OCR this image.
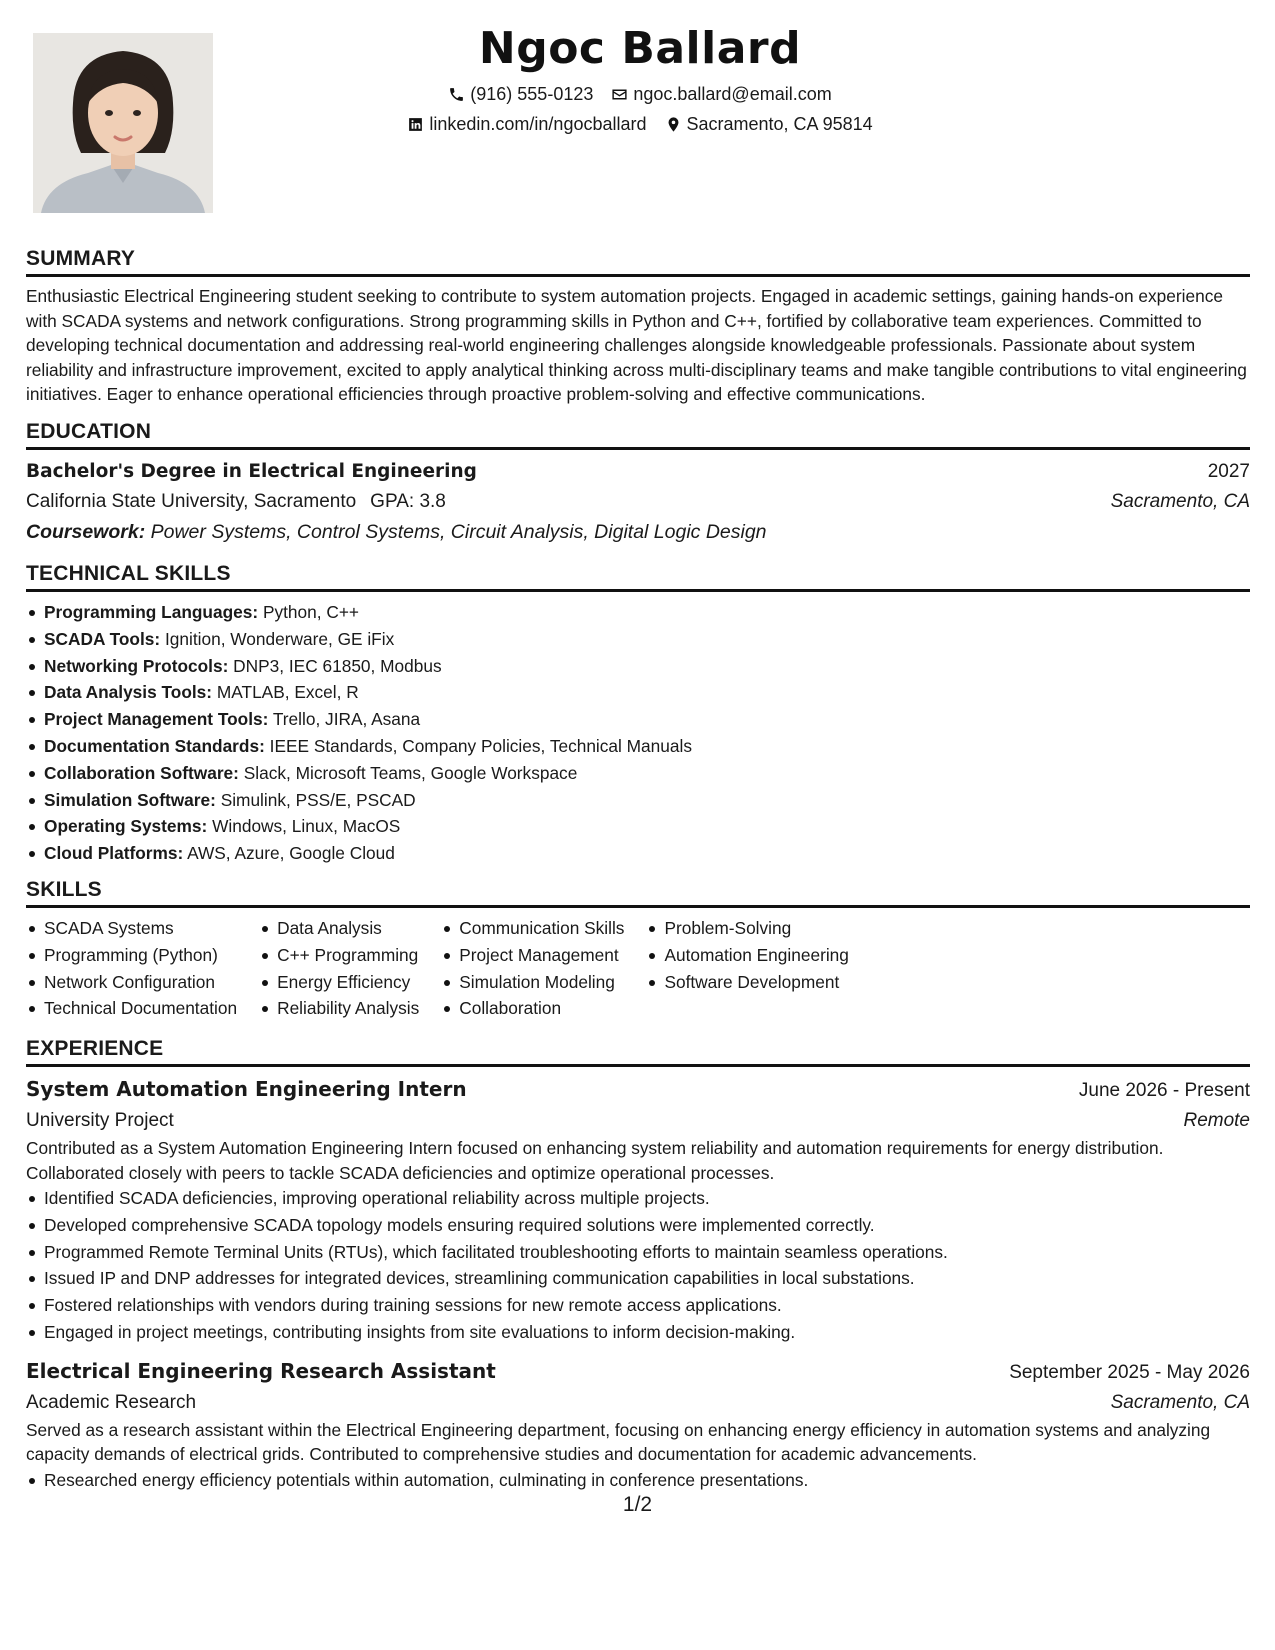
Ngoc Ballard
(916) 555-0123 ngoc.ballard@email.com
linkedin.com/in/ngocballard Sacramento, CA 95814
SUMMARY

Enthusiastic Electrical Engineering student seeking to contribute to system automation projects. Engaged in academic settings, gaining hands-on experience with SCADA systems and network configurations. Strong programming skills in Python and C++, fortified by collaborative team experiences. Committed to developing technical documentation and addressing real-world engineering challenges alongside knowledgeable professionals. Passionate about system reliability and infrastructure improvement, excited to apply analytical thinking across multi-disciplinary teams and make tangible contributions to vital engineering initiatives. Eager to enhance operational efficiencies through proactive problem-solving and effective communications.

EDUCATION
Bachelor's Degree in Electrical Engineering	2027
California State University, Sacramento GPA: 3.8	Sacramento, CA
Coursework: Power Systems, Control Systems, Circuit Analysis, Digital Logic Design
TECHNICAL SKILLS
Programming Languages: Python, C++
SCADA Tools: Ignition, Wonderware, GE iFix
Networking Protocols: DNP3, IEC 61850, Modbus
Data Analysis Tools: MATLAB, Excel, R
Project Management Tools: Trello, JIRA, Asana
Documentation Standards: IEEE Standards, Company Policies, Technical Manuals
Collaboration Software: Slack, Microsoft Teams, Google Workspace
Simulation Software: Simulink, PSS/E, PSCAD
Operating Systems: Windows, Linux, MacOS
Cloud Platforms: AWS, Azure, Google Cloud
SKILLS
SCADA Systems
Programming (Python)
Network Configuration
Technical Documentation
Data Analysis
C++ Programming
Energy Efficiency
Reliability Analysis
Communication Skills
Project Management
Simulation Modeling
Collaboration
Problem-Solving
Automation Engineering
Software Development
EXPERIENCE
System Automation Engineering Intern	June 2026 - Present
University Project	Remote

Contributed as a System Automation Engineering Intern focused on enhancing system reliability and automation requirements for energy distribution. Collaborated closely with peers to tackle SCADA deficiencies and optimize operational processes.

Identified SCADA deficiencies, improving operational reliability across multiple projects.
Developed comprehensive SCADA topology models ensuring required solutions were implemented correctly.
Programmed Remote Terminal Units (RTUs), which facilitated troubleshooting efforts to maintain seamless operations.
Issued IP and DNP addresses for integrated devices, streamlining communication capabilities in local substations.
Fostered relationships with vendors during training sessions for new remote access applications.
Engaged in project meetings, contributing insights from site evaluations to inform decision-making.
Electrical Engineering Research Assistant	September 2025 - May 2026
Academic Research	Sacramento, CA

Served as a research assistant within the Electrical Engineering department, focusing on enhancing energy efficiency in automation systems and analyzing capacity demands of electrical grids. Contributed to comprehensive studies and documentation for academic advancements.

Researched energy efficiency potentials within automation, culminating in conference presentations.
1/2
